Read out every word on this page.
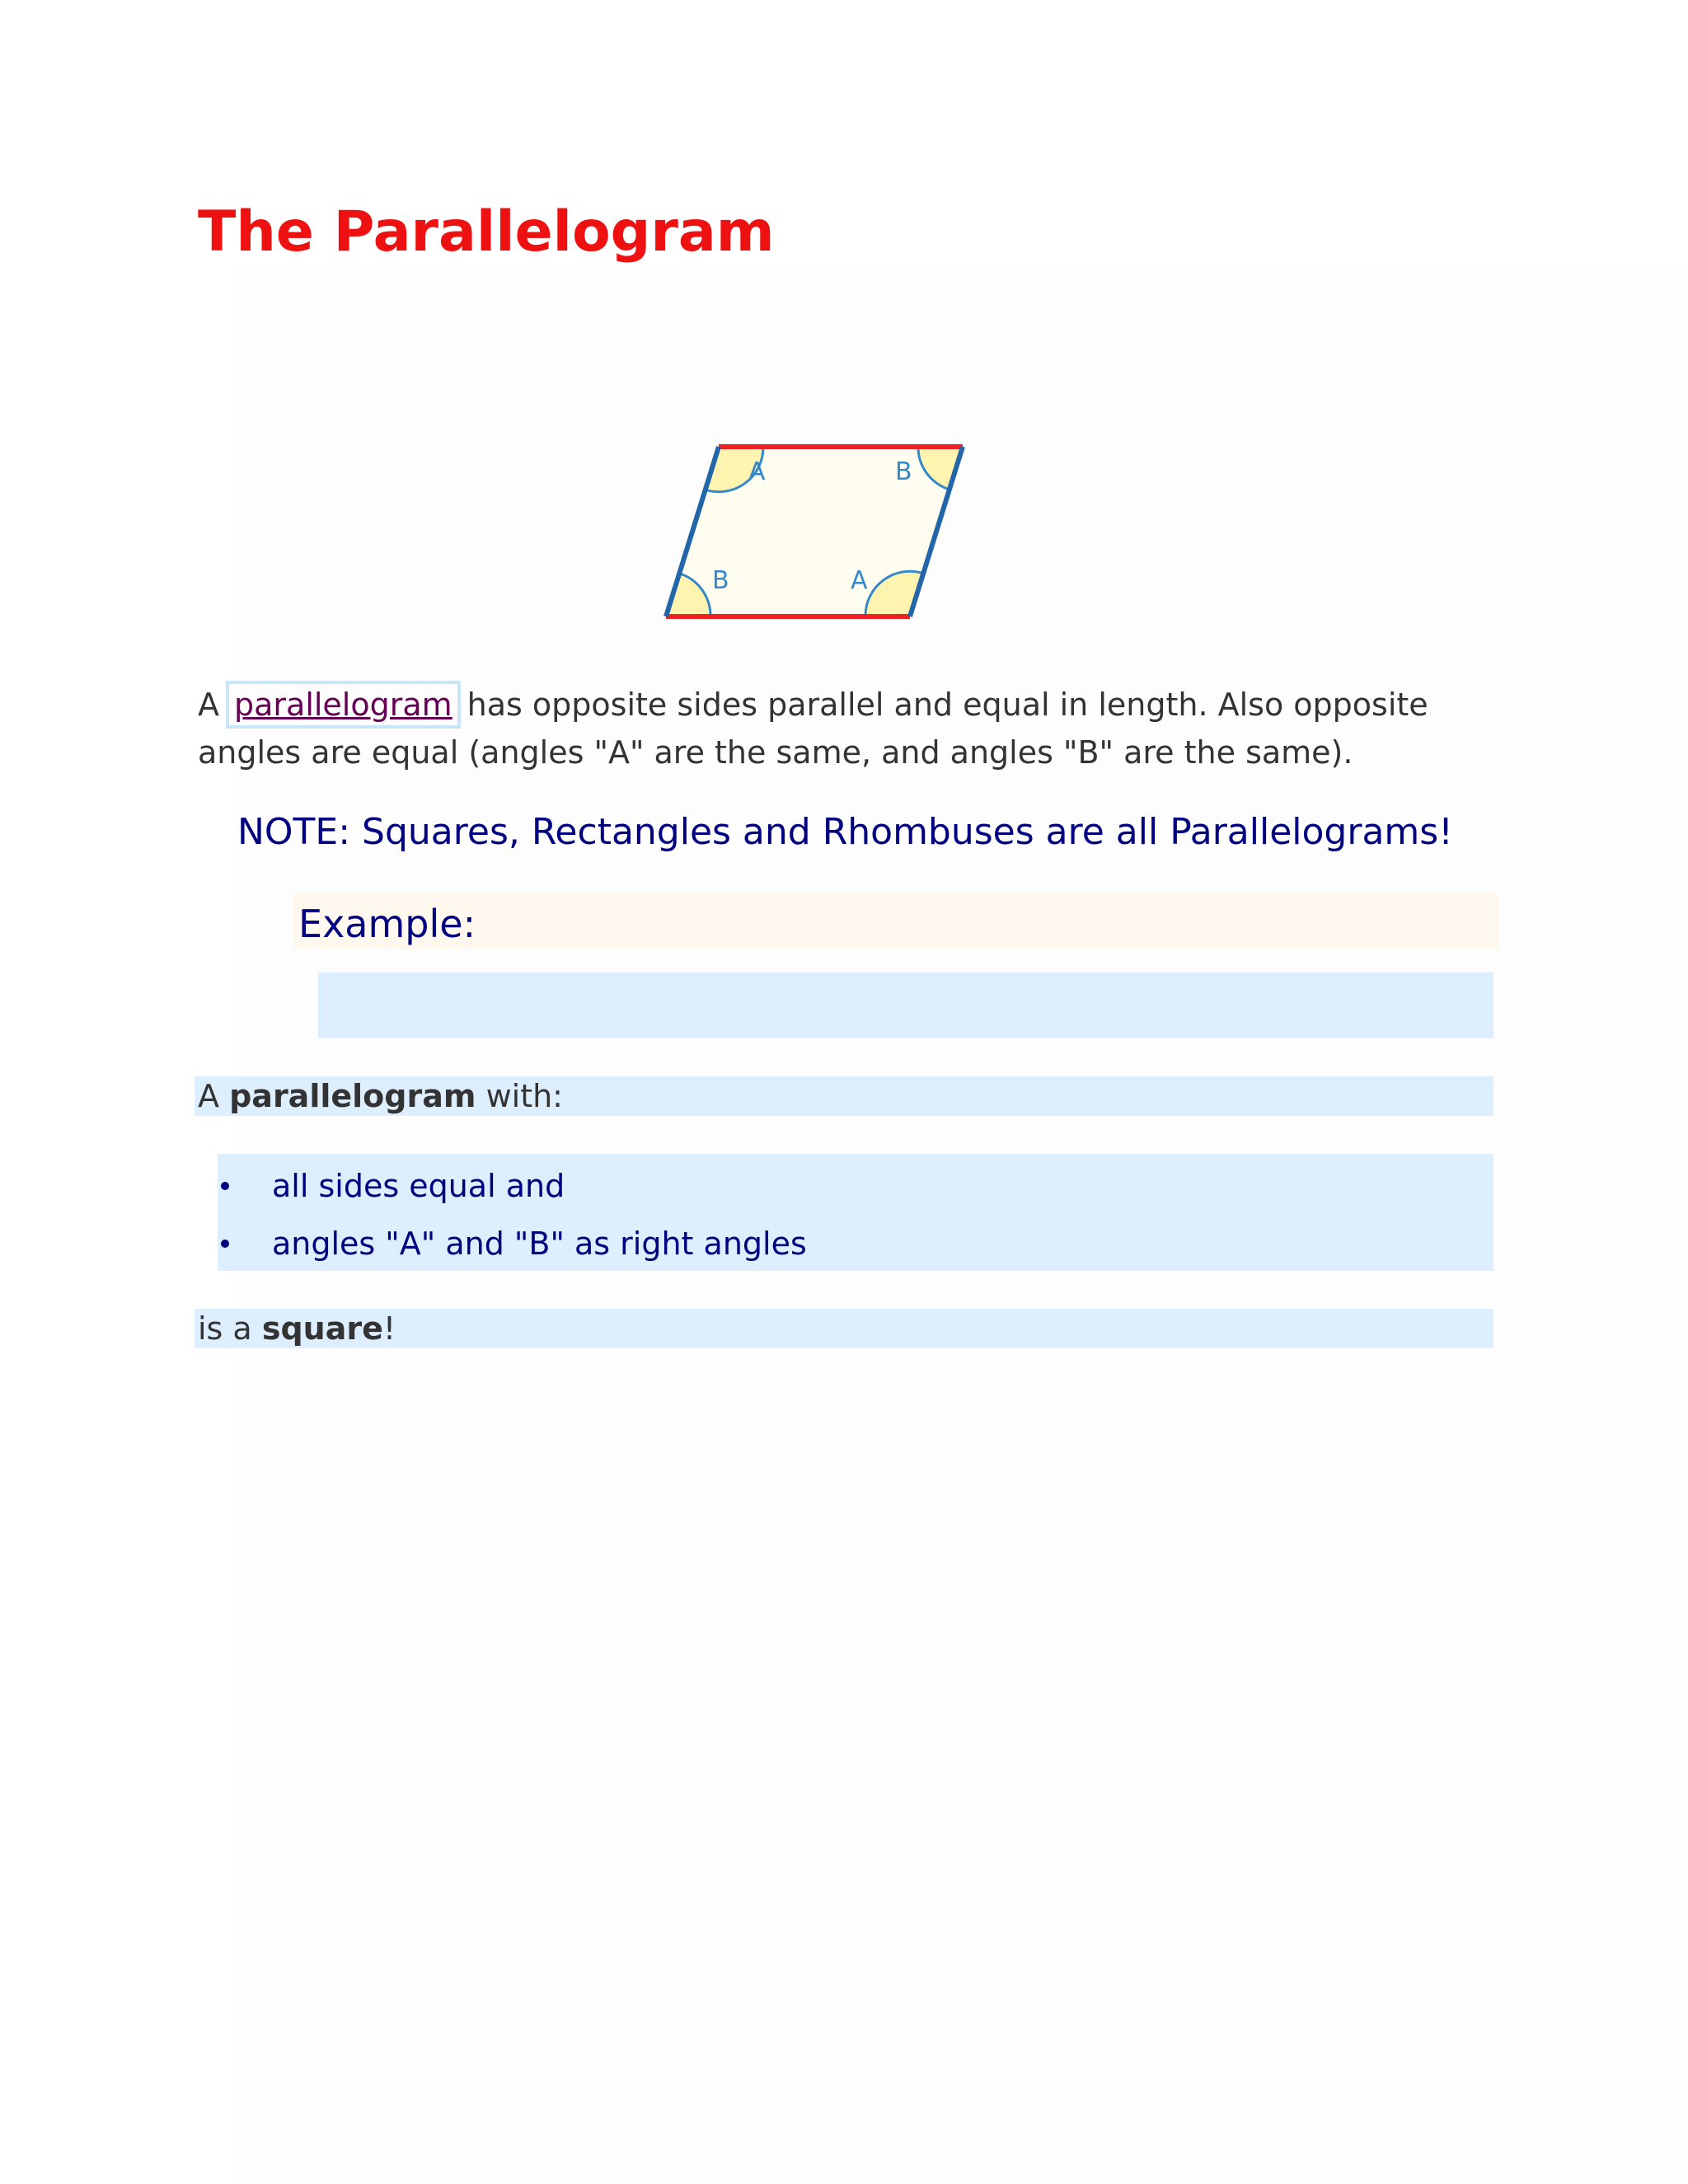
The Parallelogram
A	B
B	A

A parallelogram has opposite sides parallel and equal in length. Also opposite angles are equal (angles "A" are the same, and angles "B" are the same).

NOTE: Squares, Rectangles and Rhombuses are all Parallelograms!

Example:

A parallelogram with:

all sides equal and
angles "A" and "B" as right angles

is a square!
